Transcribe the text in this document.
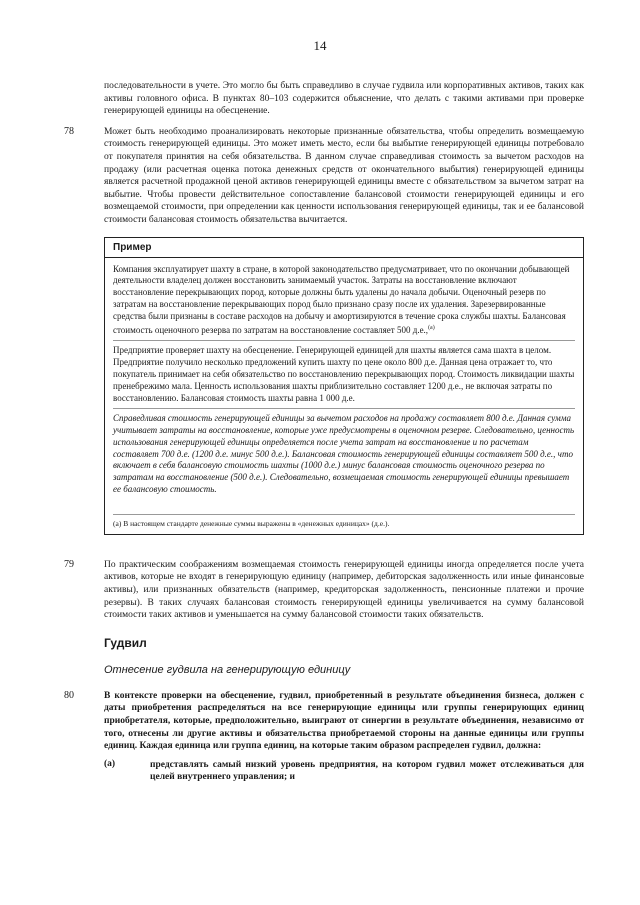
14
последовательности в учете. Это могло бы быть справедливо в случае гудвила или корпоративных активов, таких как активы головного офиса. В пунктах 80–103 содержится объяснение, что делать с такими активами при проверке генерирующей единицы на обесценение.
78	Может быть необходимо проанализировать некоторые признанные обязательства, чтобы определить возмещаемую стоимость генерирующей единицы. Это может иметь место, если бы выбытие генерирующей единицы потребовало от покупателя принятия на себя обязательства. В данном случае справедливая стоимость за вычетом расходов на продажу (или расчетная оценка потока денежных средств от окончательного выбытия) генерирующей единицы является расчетной продажной ценой активов генерирующей единицы вместе с обязательством за вычетом затрат на выбытие. Чтобы провести действительное сопоставление балансовой стоимости генерирующей единицы и его возмещаемой стоимости, при определении как ценности использования генерирующей единицы, так и ее балансовой стоимости балансовая стоимость обязательства вычитается.
Пример
Компания эксплуатирует шахту в стране, в которой законодательство предусматривает, что по окончании добывающей деятельности владелец должен восстановить занимаемый участок. Затраты на восстановление включают восстановление перекрывающих пород, которые должны быть удалены до начала добычи. Оценочный резерв по затратам на восстановление перекрывающих пород было признано сразу после их удаления. Зарезервированные средства были признаны в составе расходов на добычу и амортизируются в течение срока службы шахты. Балансовая стоимость оценочного резерва по затратам на восстановление составляет 500 д.е.,$^{(a)}$
Предприятие проверяет шахту на обесценение. Генерирующей единицей для шахты является сама шахта в целом. Предприятие получило несколько предложений купить шахту по цене около 800 д.е. Данная цена отражает то, что покупатель принимает на себя обязательство по восстановлению перекрывающих пород. Стоимость ликвидации шахты пренебрежимо мала. Ценность использования шахты приблизительно составляет 1200 д.е., не включая затраты по восстановлению. Балансовая стоимость шахты равна 1 000 д.е.
Справедливая стоимость генерирующей единицы за вычетом расходов на продажу составляет 800 д.е. Данная сумма учитывает затраты на восстановление, которые уже предусмотрены в оценочном резерве. Следовательно, ценность использования генерирующей единицы определяется после учета затрат на восстановление и по расчетам составляет 700 д.е. (1200 д.е. минус 500 д.е.). Балансовая стоимость генерирующей единицы составляет 500 д.е., что включает в себя балансовую стоимость шахты (1000 д.е.) минус балансовая стоимость оценочного резерва по затратам на восстановление (500 д.е.). Следовательно, возмещаемая стоимость генерирующей единицы превышает ее балансовую стоимость.
(a) В настоящем стандарте денежные суммы выражены в «денежных единицах» (д.е.).
79	По практическим соображениям возмещаемая стоимость генерирующей единицы иногда определяется после учета активов, которые не входят в генерирующую единицу (например, дебиторская задолженность или иные финансовые активы), или признанных обязательств (например, кредиторская задолженность, пенсионные платежи и прочие резервы). В таких случаях балансовая стоимость генерирующей единицы увеличивается на сумму балансовой стоимости таких активов и уменьшается на сумму балансовой стоимости таких обязательств.
Гудвил
Отнесение гудвила на генерирующую единицу
80	В контексте проверки на обесценение, гудвил, приобретенный в результате объединения бизнеса, должен с даты приобретения распределяться на все генерирующие единицы или группы генерирующих единиц приобретателя, которые, предположительно, выиграют от синергии в результате объединения, независимо от того, отнесены ли другие активы и обязательства приобретаемой стороны на данные единицы или группы единиц. Каждая единица или группа единиц, на которые таким образом распределен гудвил, должна:
(a)	представлять самый низкий уровень предприятия, на котором гудвил может отслеживаться для целей внутреннего управления; и
